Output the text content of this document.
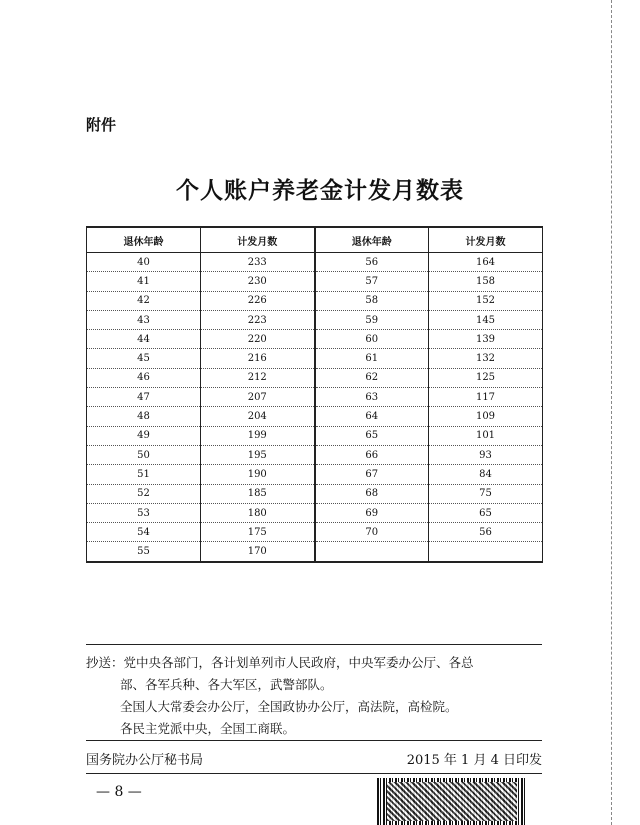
附件
个人账户养老金计发月数表
退休年龄	计发月数	退休年龄	计发月数
40	233	56	164
41	230	57	158
42	226	58	152
43	223	59	145
44	220	60	139
45	216	61	132
46	212	62	125
47	207	63	117
48	204	64	109
49	199	65	101
50	195	66	93
51	190	67	84
52	185	68	75
53	180	69	65
54	175	70	56
55	170		
抄送：党中央各部门，各计划单列市人民政府，中央军委办公厅、各总
部、各军兵种、各大军区，武警部队。
全国人大常委会办公厅，全国政协办公厅，高法院，高检院。
各民主党派中央，全国工商联。
国务院办公厅秘书局	2015 年 1 月 4 日印发
— 8 —
